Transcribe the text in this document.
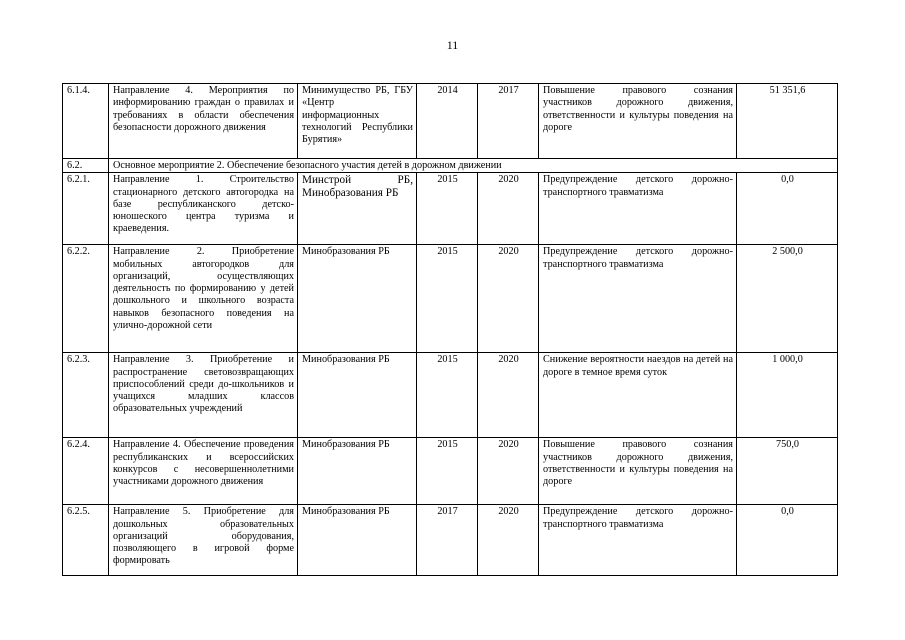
11
6.1.4.	Направление 4. Мероприятия по информированию граждан о правилах и требованиях в области обеспечения безопасности дорожного движения	Минимущество РБ, ГБУ «Центр информационных технологий Республики Бурятия»	2014	2017	Повышение правового сознания участников дорожного движения, ответственности и культуры поведения на дороге	51 351,6
6.2.	Основное мероприятие 2. Обеспечение безопасного участия детей в дорожном движении					
6.2.1.	Направление 1. Строительство стационарного детского автогородка на базе республиканского детско-юношеского центра туризма и краеведения.	Минстрой РБ, Минобразования РБ	2015	2020	Предупреждение детского дорожно-транспортного травматизма	0,0
6.2.2.	Направление 2. Приобретение мобильных автогородков для организаций, осуществляющих деятельность по формированию у детей дошкольного и школьного возраста навыков безопасного поведения на улично-дорожной сети	Минобразования РБ	2015	2020	Предупреждение детского дорожно-транспортного травматизма	2 500,0
6.2.3.	Направление 3. Приобретение и распространение световозвращающих приспособлений среди до-школьников и учащихся младших классов образовательных учреждений	Минобразования РБ	2015	2020	Снижение вероятности наездов на детей на дороге в темное время суток	1 000,0
6.2.4.	Направление 4. Обеспечение проведения республиканских и всероссийских конкурсов с несовершеннолетними участниками дорожного движения	Минобразования РБ	2015	2020	Повышение правового сознания участников дорожного движения, ответственности и культуры поведения на дороге	750,0
6.2.5.	Направление 5. Приобретение для дошкольных образовательных организаций оборудования, позволяющего в игровой форме формировать	Минобразования РБ	2017	2020	Предупреждение детского дорожно-транспортного травматизма	0,0
